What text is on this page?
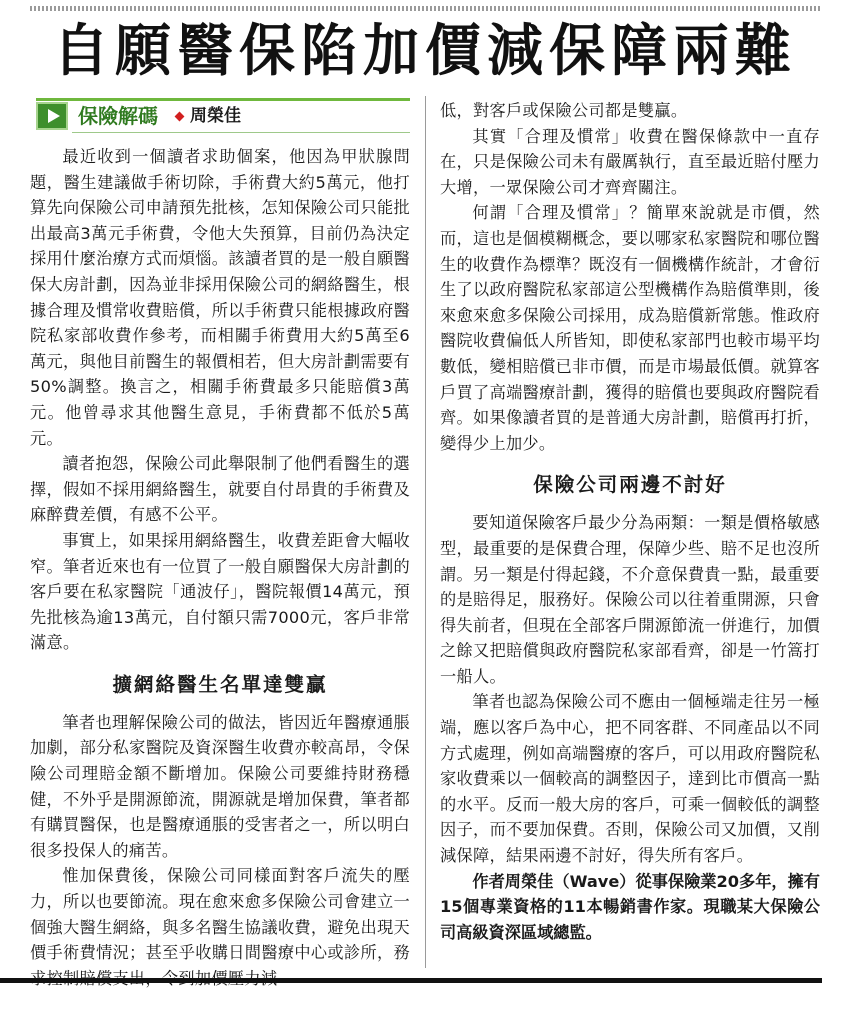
自願醫保陷加價減保障兩難
保險解碼 周榮佳

最近收到一個讀者求助個案，他因為甲狀腺問題，醫生建議做手術切除，手術費大約5萬元，他打算先向保險公司申請預先批核，怎知保險公司只能批出最高3萬元手術費，令他大失預算，目前仍為決定採用什麼治療方式而煩惱。該讀者買的是一般自願醫保大房計劃，因為並非採用保險公司的網絡醫生，根據合理及慣常收費賠償，所以手術費只能根據政府醫院私家部收費作參考，而相關手術費用大約5萬至6萬元，與他目前醫生的報價相若，但大房計劃需要有50%調整。換言之，相關手術費最多只能賠償3萬元。他曾尋求其他醫生意見，手術費都不低於5萬元。

讀者抱怨，保險公司此舉限制了他們看醫生的選擇，假如不採用網絡醫生，就要自付昂貴的手術費及麻醉費差價，有感不公平。

事實上，如果採用網絡醫生，收費差距會大幅收窄。筆者近來也有一位買了一般自願醫保大房計劃的客戶要在私家醫院「通波仔」，醫院報價14萬元，預先批核為逾13萬元，自付額只需7000元，客戶非常滿意。

擴網絡醫生名單達雙贏

筆者也理解保險公司的做法，皆因近年醫療通脹加劇，部分私家醫院及資深醫生收費亦較高昂，令保險公司理賠金額不斷增加。保險公司要維持財務穩健，不外乎是開源節流，開源就是增加保費，筆者都有購買醫保，也是醫療通脹的受害者之一，所以明白很多投保人的痛苦。

惟加保費後，保險公司同樣面對客戶流失的壓力，所以也要節流。現在愈來愈多保險公司會建立一個強大醫生網絡，與多名醫生協議收費，避免出現天價手術費情況；甚至乎收購日間醫療中心或診所，務

低，對客戶或保險公司都是雙贏。

其實「合理及慣常」收費在醫保條款中一直存在，只是保險公司未有嚴厲執行，直至最近賠付壓力大增，一眾保險公司才齊齊關注。

何謂「合理及慣常」？簡單來說就是市價，然而，這也是個模糊概念，要以哪家私家醫院和哪位醫生的收費作為標準？既沒有一個機構作統計，才會衍生了以政府醫院私家部這公型機構作為賠償準則，後來愈來愈多保險公司採用，成為賠償新常態。惟政府醫院收費偏低人所皆知，即使私家部門也較市場平均數低，變相賠償已非市價，而是市場最低價。就算客戶買了高端醫療計劃，獲得的賠償也要與政府醫院看齊。如果像讀者買的是普通大房計劃，賠償再打折，變得少上加少。

保險公司兩邊不討好

要知道保險客戶最少分為兩類：一類是價格敏感型，最重要的是保費合理，保障少些、賠不足也沒所謂。另一類是付得起錢，不介意保費貴一點，最重要的是賠得足，服務好。保險公司以往着重開源，只會得失前者，但現在全部客戶開源節流一併進行，加價之餘又把賠償與政府醫院私家部看齊，卻是一竹篙打一船人。

筆者也認為保險公司不應由一個極端走往另一極端，應以客戶為中心，把不同客群、不同產品以不同方式處理，例如高端醫療的客戶，可以用政府醫院私家收費乘以一個較高的調整因子，達到比市價高一點的水平。反而一般大房的客戶，可乘一個較低的調整因子，而不要加保費。否則，保險公司又加價，又削減保障，結果兩邊不討好，得失所有客戶。

作者周榮佳（Wave）從事保險業20多年，擁有15個專業資格的11本暢銷書作家。現職某大保險公司高級資深區域總監。
